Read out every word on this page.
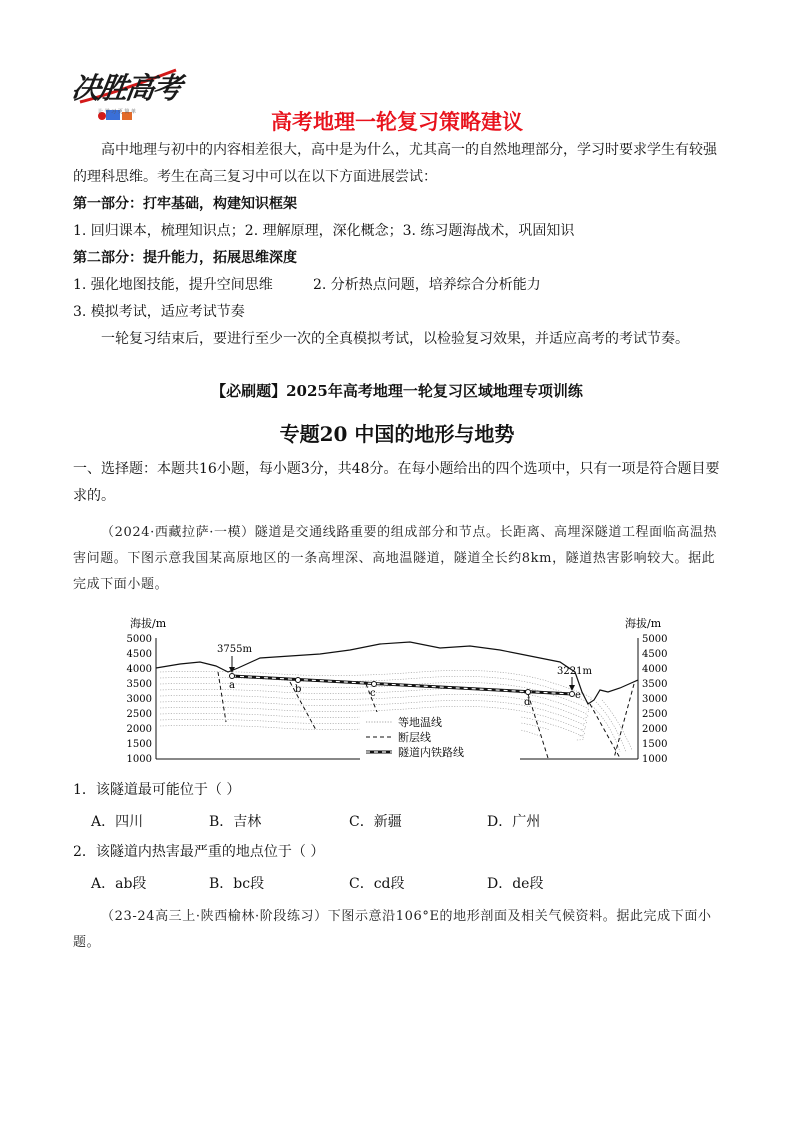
决胜高考
让 学 习 更 简 单	高考地理一轮复习策略建议

高中地理与初中的内容相差很大，高中是为什么，尤其高一的自然地理部分，学习时要求学生有较强的理科思维。考生在高三复习中可以在以下方面进展尝试：

第一部分：打牢基础，构建知识框架

1. 回归课本，梳理知识点；2. 理解原理，深化概念；3. 练习题海战术，巩固知识

第二部分：提升能力，拓展思维深度

1. 强化地图技能，提升空间思维	2. 分析热点问题，培养综合分析能力

3. 模拟考试，适应考试节奏

一轮复习结束后，要进行至少一次的全真模拟考试，以检验复习效果，并适应高考的考试节奏。

【必刷题】2025年高考地理一轮复习区域地理专项训练

专题20 中国的地形与地势

一、选择题：本题共16小题，每小题3分，共48分。在每小题给出的四个选项中，只有一项是符合题目要求的。

（2024·西藏拉萨·一模）隧道是交通线路重要的组成部分和节点。长距离、高埋深隧道工程面临高温热害问题。下图示意我国某高原地区的一条高埋深、高地温隧道，隧道全长约8km，隧道热害影响较大。据此完成下面小题。

海拔/m	海拔/m
5000
4500
4000
3500
3000
2500
2000
1500
1000
5000
4500
4000
3500
3000
2500
2000
1500
1000
a	b	c
d
e
3755m
3221m
等地温线
断层线
隧道内铁路线

1．该隧道最可能位于（ ）

A．四川	B．吉林	C．新疆	D．广州

2．该隧道内热害最严重的地点位于（ ）

A．ab段	B．bc段	C．cd段	D．de段

（23-24高三上·陕西榆林·阶段练习）下图示意沿106°E的地形剖面及相关气候资料。据此完成下面小题。
